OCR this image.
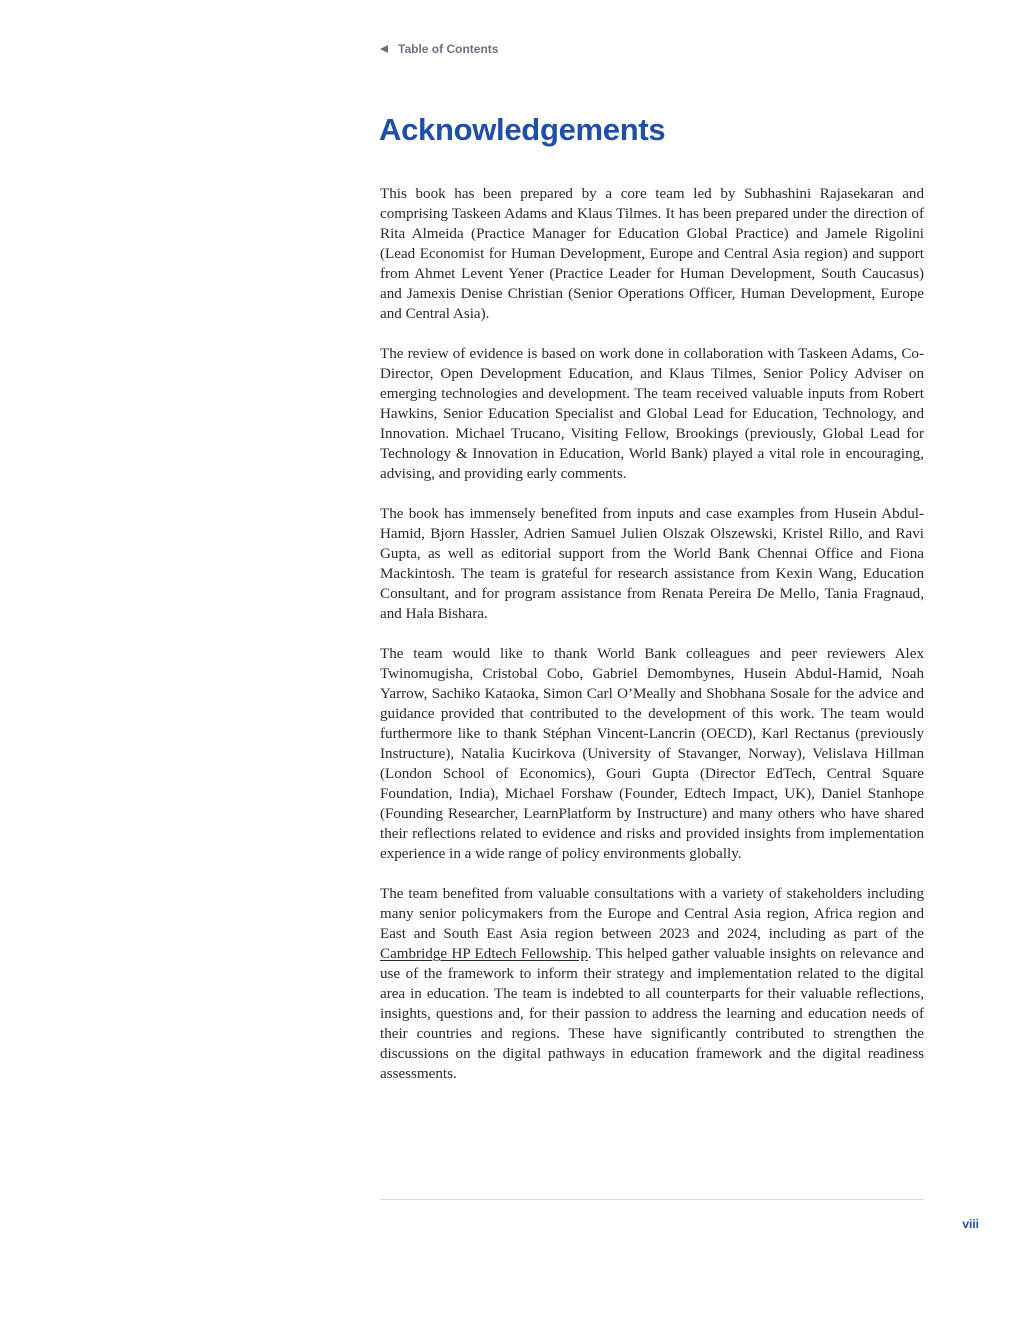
Table of Contents
Acknowledgements

This book has been prepared by a core team led by Subhashini Rajasekaran and comprising Taskeen Adams and Klaus Tilmes. It has been prepared under the direction of Rita Almeida (Practice Manager for Education Global Practice) and Jamele Rigolini (Lead Economist for Human Development, Europe and Central Asia region) and support from Ahmet Levent Yener (Practice Leader for Human Development, South Caucasus) and Jamexis Denise Christian (Senior Operations Officer, Human Development, Europe and Central Asia).

The review of evidence is based on work done in collaboration with Taskeen Adams, Co-Director, Open Development Education, and Klaus Tilmes, Senior Policy Adviser on emerging technologies and development. The team received valuable inputs from Robert Hawkins, Senior Education Specialist and Global Lead for Education, Technology, and Innovation. Michael Trucano, Visiting Fellow, Brookings (previously, Global Lead for Technology & Innovation in Education, World Bank) played a vital role in encouraging, advising, and providing early comments.

The book has immensely benefited from inputs and case examples from Husein Abdul-Hamid, Bjorn Hassler, Adrien Samuel Julien Olszak Olszewski, Kristel Rillo, and Ravi Gupta, as well as editorial support from the World Bank Chennai Office and Fiona Mackintosh. The team is grateful for research assistance from Kexin Wang, Education Consultant, and for program assistance from Renata Pereira De Mello, Tania Fragnaud, and Hala Bishara.

The team would like to thank World Bank colleagues and peer reviewers Alex Twinomugisha, Cristobal Cobo, Gabriel Demombynes, Husein Abdul-Hamid, Noah Yarrow, Sachiko Kataoka, Simon Carl O’Meally and Shobhana Sosale for the advice and guidance provided that contributed to the development of this work. The team would furthermore like to thank Stéphan Vincent-Lancrin (OECD), Karl Rectanus (previously Instructure), Natalia Kucirkova (University of Stavanger, Norway), Velislava Hillman (London School of Economics), Gouri Gupta (Director EdTech, Central Square Foundation, India), Michael Forshaw (Founder, Edtech Impact, UK), Daniel Stanhope (Founding Researcher, LearnPlatform by Instructure) and many others who have shared their reflections related to evidence and risks and provided insights from implementation experience in a wide range of policy environments globally.

The team benefited from valuable consultations with a variety of stakeholders including many senior policymakers from the Europe and Central Asia region, Africa region and East and South East Asia region between 2023 and 2024, including as part of the Cambridge HP Edtech Fellowship. This helped gather valuable insights on relevance and use of the framework to inform their strategy and implementation related to the digital area in education. The team is indebted to all counterparts for their valuable reflections, insights, questions and, for their passion to address the learning and education needs of their countries and regions. These have significantly contributed to strengthen the discussions on the digital pathways in education framework and the digital readiness assessments.

viii
